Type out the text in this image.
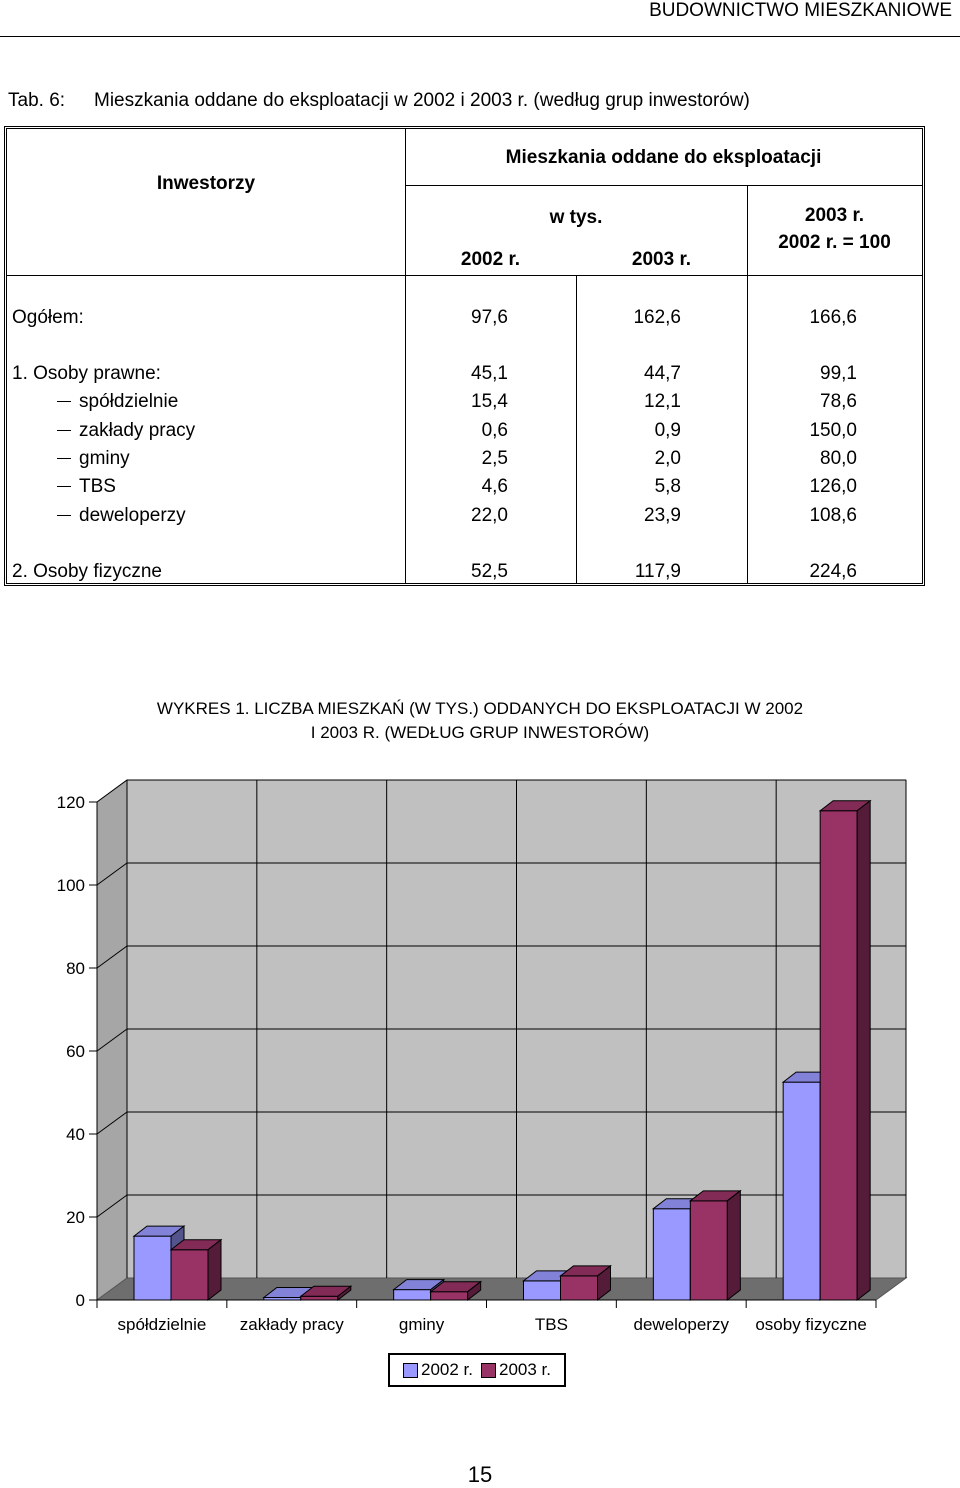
BUDOWNICTWO MIESZKANIOWE
Tab. 6: Mieszkania oddane do eksploatacji w 2002 i 2003 r. (według grup inwestorów)
Inwestorzy
Mieszkania oddane do eksploatacji
w tys.
2002 r.	2003 r.
2003 r.
2002 r. = 100
Ogółem:	97,6	162,6	166,6
1. Osoby prawne:	45,1	44,7	99,1
spółdzielnie	15,4	12,1	78,6
zakłady pracy	0,6	0,9	150,0
gminy	2,5	2,0	80,0
TBS	4,6	5,8	126,0
deweloperzy	22,0	23,9	108,6
2. Osoby fizyczne	52,5	117,9	224,6
WYKRES 1. LICZBA MIESZKAŃ (W TYS.) ODDANYCH DO EKSPLOATACJI W 2002
I 2003 R. (WEDŁUG GRUP INWESTORÓW)
0
20
40
60
80
100
120
spółdzielnie zakłady pracy	gminy	TBS	deweloperzy osoby fizyczne
2002 r. 2003 r.
15
